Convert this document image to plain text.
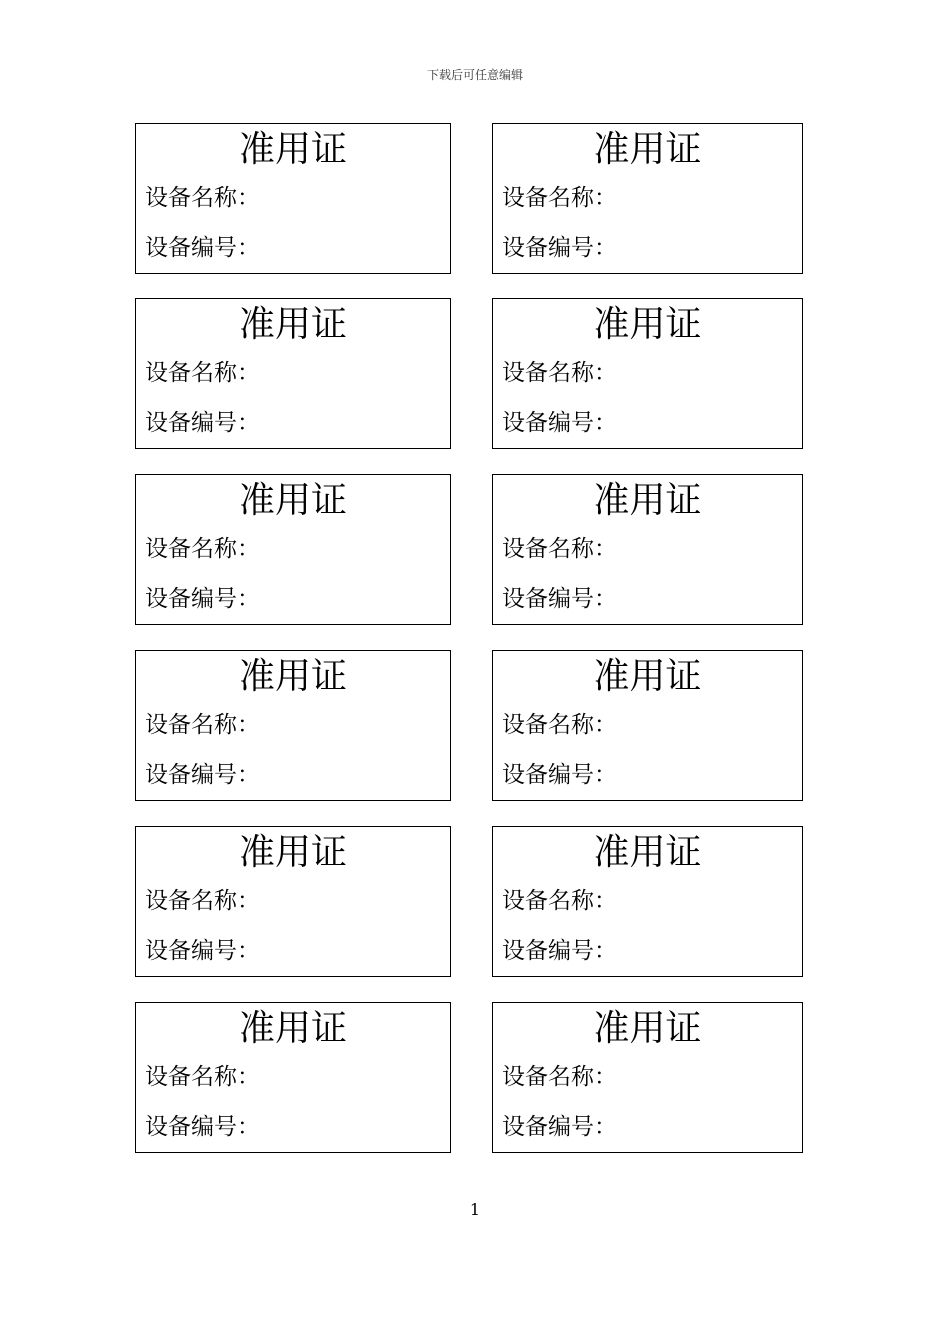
下载后可任意编辑
准用证
设备名称：
设备编号：
准用证
设备名称：
设备编号：
准用证
设备名称：
设备编号：
准用证
设备名称：
设备编号：
准用证
设备名称：
设备编号：
准用证
设备名称：
设备编号：
准用证
设备名称：
设备编号：
准用证
设备名称：
设备编号：
准用证
设备名称：
设备编号：
准用证
设备名称：
设备编号：
准用证
设备名称：
设备编号：
准用证
设备名称：
设备编号：
1
